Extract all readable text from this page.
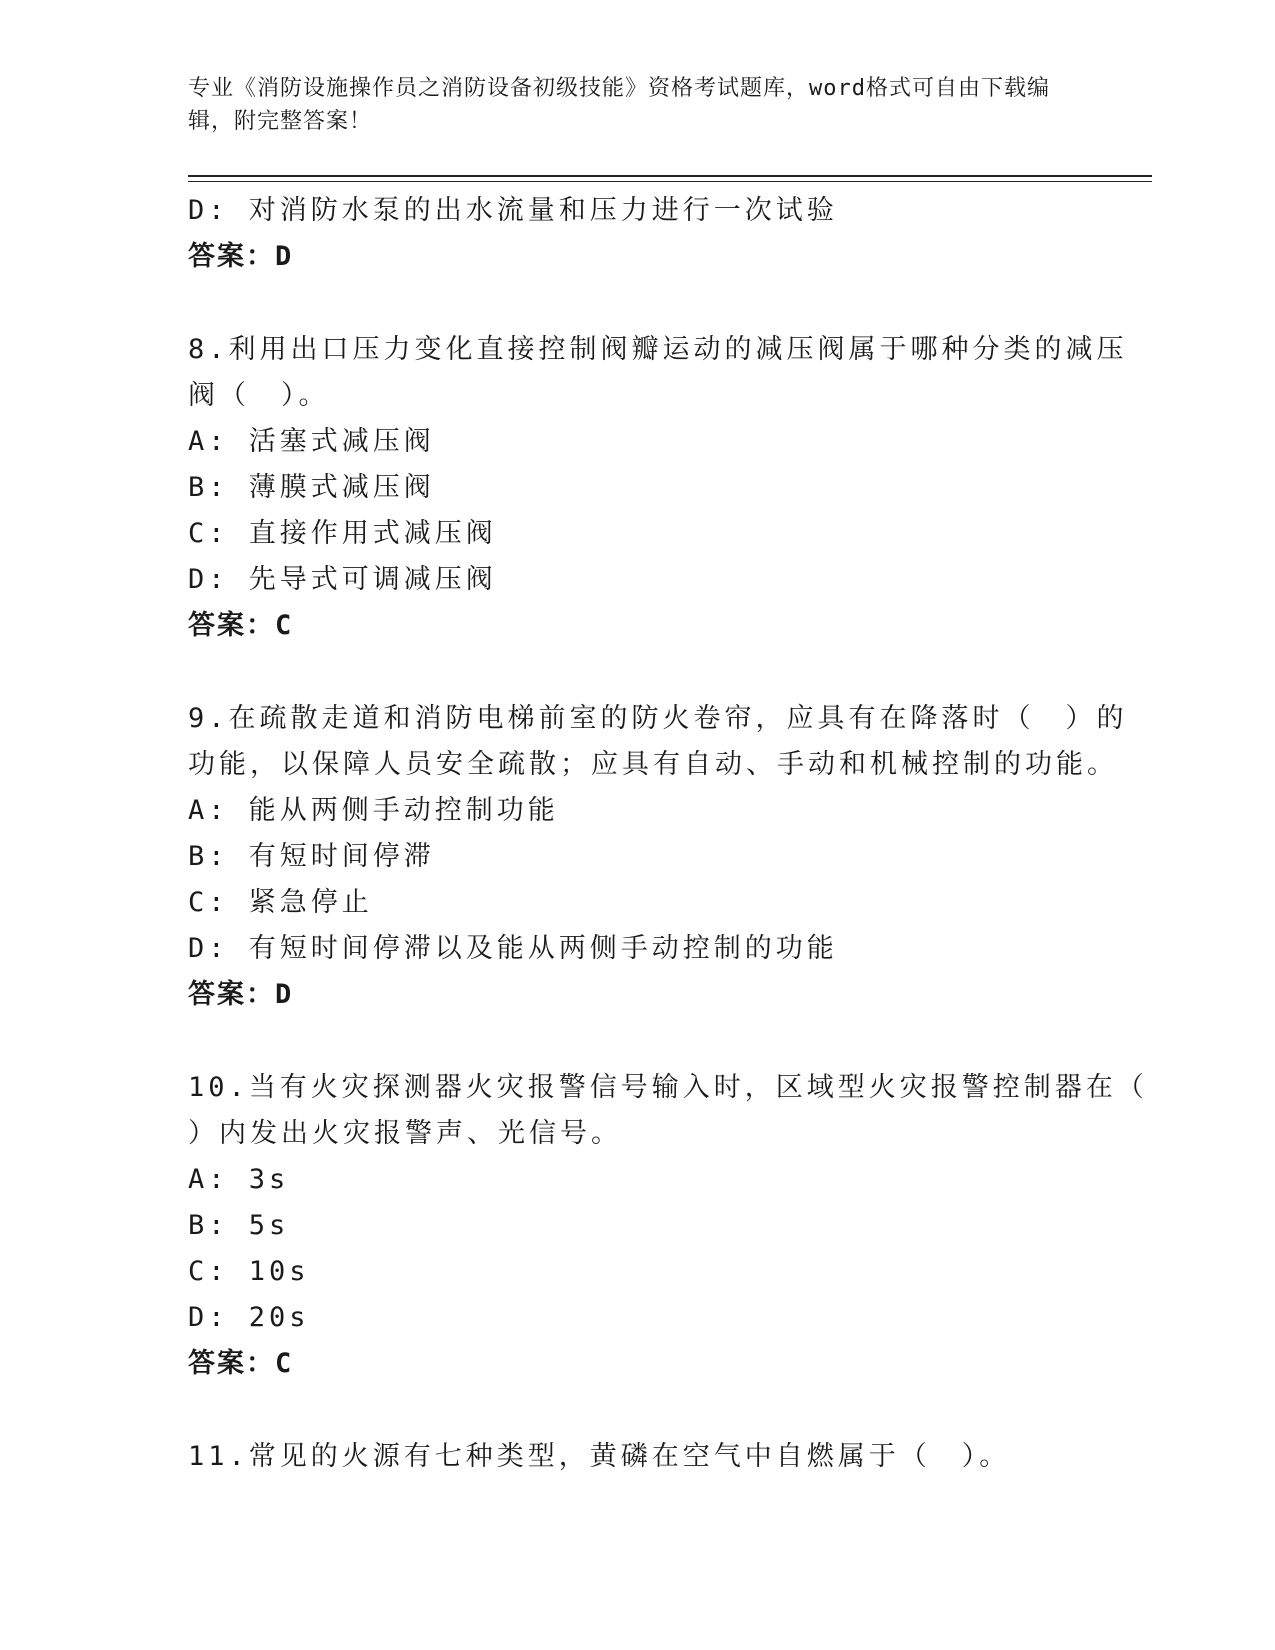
专业《消防设施操作员之消防设备初级技能》资格考试题库，word格式可自由下载编辑，附完整答案！
D: 对消防水泵的出水流量和压力进行一次试验
答案：D
8.利用出口压力变化直接控制阀瓣运动的减压阀属于哪种分类的减压
阀（　）。
A: 活塞式减压阀
B: 薄膜式减压阀
C: 直接作用式减压阀
D: 先导式可调减压阀
答案：C
9.在疏散走道和消防电梯前室的防火卷帘，应具有在降落时（　）的
功能，以保障人员安全疏散；应具有自动、手动和机械控制的功能。
A: 能从两侧手动控制功能
B: 有短时间停滞
C: 紧急停止
D: 有短时间停滞以及能从两侧手动控制的功能
答案：D
10.当有火灾探测器火灾报警信号输入时，区域型火灾报警控制器在（
）内发出火灾报警声、光信号。
A: 3s
B: 5s
C: 10s
D: 20s
答案：C
11.常见的火源有七种类型，黄磷在空气中自燃属于（　）。
